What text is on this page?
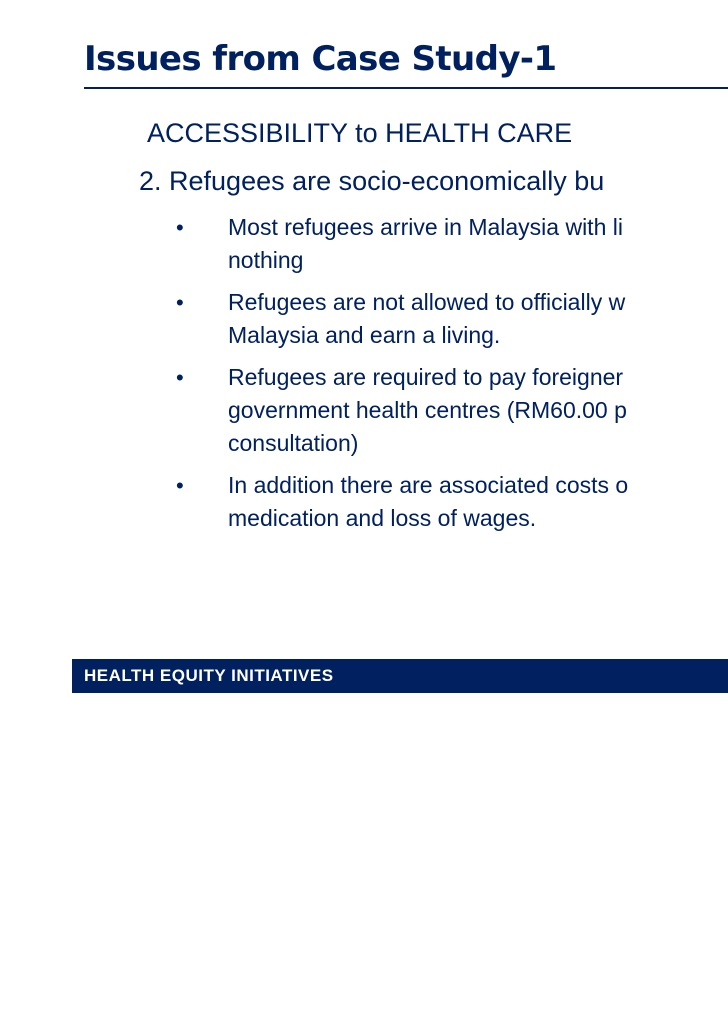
Issues from Case Study-1
ACCESSIBILITY to HEALTH CARE
2. Refugees are socio-economically bu
• Most refugees arrive in Malaysia with li
nothing
• Refugees are not allowed to officially w
Malaysia and earn a living.
• Refugees are required to pay foreigner
government health centres (RM60.00 p
consultation)
• In addition there are associated costs o
medication and loss of wages.
HEALTH EQUITY INITIATIVES
